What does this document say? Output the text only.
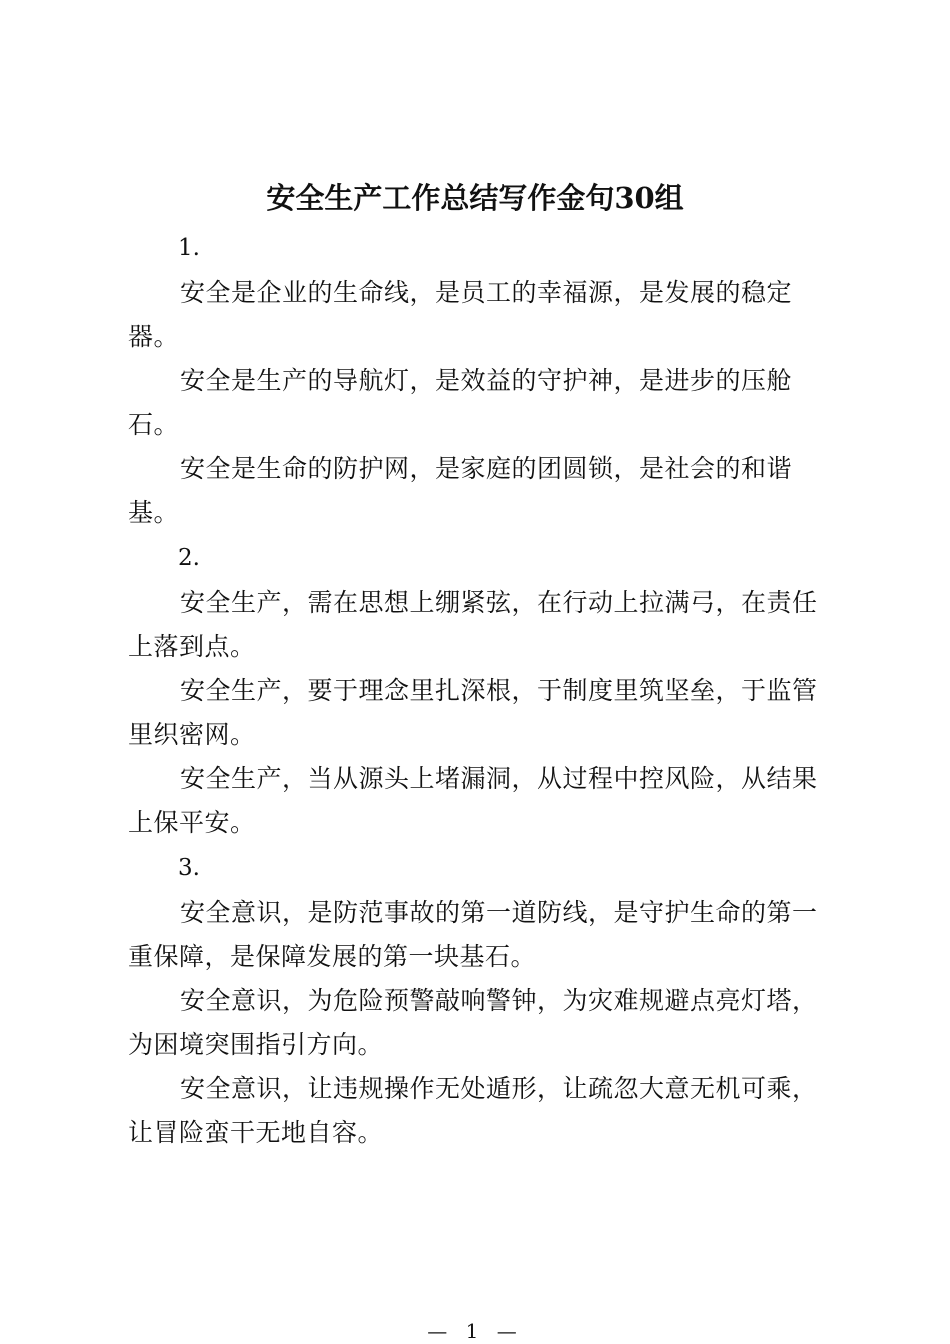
安全生产工作总结写作金句30组

1.

安全是企业的生命线，是员工的幸福源，是发展的稳定器。

安全是生产的导航灯，是效益的守护神，是进步的压舱石。

安全是生命的防护网，是家庭的团圆锁，是社会的和谐基。

2.

安全生产，需在思想上绷紧弦，在行动上拉满弓，在责任上落到点。

安全生产，要于理念里扎深根，于制度里筑坚垒，于监管里织密网。

安全生产，当从源头上堵漏洞，从过程中控风险，从结果上保平安。

3.

安全意识，是防范事故的第一道防线，是守护生命的第一重保障，是保障发展的第一块基石。

安全意识，为危险预警敲响警钟，为灾难规避点亮灯塔，为困境突围指引方向。

安全意识，让违规操作无处遁形，让疏忽大意无机可乘，让冒险蛮干无地自容。

— 1 —
